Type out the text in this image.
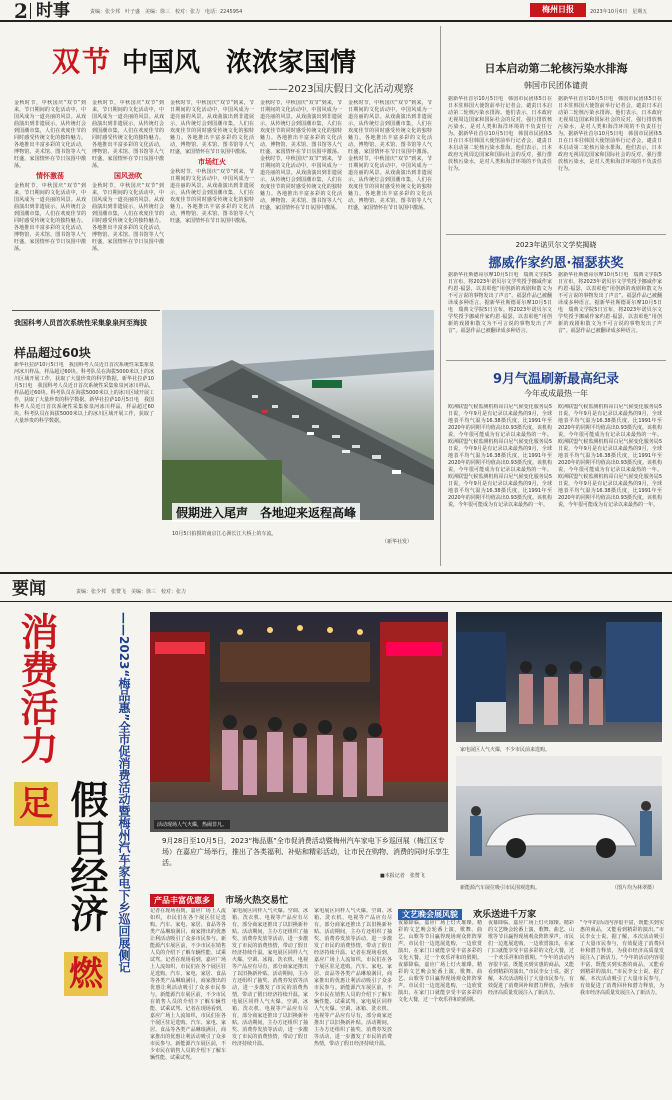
2 时事	责编：张少邦　叶子盛　美编：徐三　校对：张力　电话：2245954	梅州日报	2023年10月6日　星期五
双节 中国风　浓浓家国情
——2023国庆假日文化活动观察
金秋时节，中秋国庆“双节”到来，节日期间的文化活动中，中国风成为一道亮丽的风景。从戏曲演出到非遗展示，从传统灯会到国潮市集，人们在欢度佳节的同时感受传统文化的独特魅力。各地推出丰富多彩的文化活动，博物馆、美术馆、图书馆等人气旺盛，家国情怀在节日氛围中激荡。
情怀激荡
金秋时节，中秋国庆“双节”到来，节日期间的文化活动中，中国风成为一道亮丽的风景。从戏曲演出到非遗展示，从传统灯会到国潮市集，人们在欢度佳节的同时感受传统文化的独特魅力。各地推出丰富多彩的文化活动，博物馆、美术馆、图书馆等人气旺盛，家国情怀在节日氛围中激荡。
金秋时节，中秋国庆“双节”到来，节日期间的文化活动中，中国风成为一道亮丽的风景。从戏曲演出到非遗展示，从传统灯会到国潮市集，人们在欢度佳节的同时感受传统文化的独特魅力。各地推出丰富多彩的文化活动，博物馆、美术馆、图书馆等人气旺盛，家国情怀在节日氛围中激荡。
国风劲吹
金秋时节，中秋国庆“双节”到来，节日期间的文化活动中，中国风成为一道亮丽的风景。从戏曲演出到非遗展示，从传统灯会到国潮市集，人们在欢度佳节的同时感受传统文化的独特魅力。各地推出丰富多彩的文化活动，博物馆、美术馆、图书馆等人气旺盛，家国情怀在节日氛围中激荡。
金秋时节，中秋国庆“双节”到来，节日期间的文化活动中，中国风成为一道亮丽的风景。从戏曲演出到非遗展示，从传统灯会到国潮市集，人们在欢度佳节的同时感受传统文化的独特魅力。各地推出丰富多彩的文化活动，博物馆、美术馆、图书馆等人气旺盛，家国情怀在节日氛围中激荡。
市场红火
金秋时节，中秋国庆“双节”到来，节日期间的文化活动中，中国风成为一道亮丽的风景。从戏曲演出到非遗展示，从传统灯会到国潮市集，人们在欢度佳节的同时感受传统文化的独特魅力。各地推出丰富多彩的文化活动，博物馆、美术馆、图书馆等人气旺盛，家国情怀在节日氛围中激荡。
金秋时节，中秋国庆“双节”到来，节日期间的文化活动中，中国风成为一道亮丽的风景。从戏曲演出到非遗展示，从传统灯会到国潮市集，人们在欢度佳节的同时感受传统文化的独特魅力。各地推出丰富多彩的文化活动，博物馆、美术馆、图书馆等人气旺盛，家国情怀在节日氛围中激荡。金秋时节，中秋国庆“双节”到来，节日期间的文化活动中，中国风成为一道亮丽的风景。从戏曲演出到非遗展示，从传统灯会到国潮市集，人们在欢度佳节的同时感受传统文化的独特魅力。各地推出丰富多彩的文化活动，博物馆、美术馆、图书馆等人气旺盛，家国情怀在节日氛围中激荡。
金秋时节，中秋国庆“双节”到来，节日期间的文化活动中，中国风成为一道亮丽的风景。从戏曲演出到非遗展示，从传统灯会到国潮市集，人们在欢度佳节的同时感受传统文化的独特魅力。各地推出丰富多彩的文化活动，博物馆、美术馆、图书馆等人气旺盛，家国情怀在节日氛围中激荡。金秋时节，中秋国庆“双节”到来，节日期间的文化活动中，中国风成为一道亮丽的风景。从戏曲演出到非遗展示，从传统灯会到国潮市集，人们在欢度佳节的同时感受传统文化的独特魅力。各地推出丰富多彩的文化活动，博物馆、美术馆、图书馆等人气旺盛，家国情怀在节日氛围中激荡。
我国科考人员首次系统性采集象泉河至海拔
样品超过60块
新华社拉萨10月5日电　我国科考人员近日首次系统性采集象泉河冰川样品，样品超过60块。科考队员在海拔5000米以上的冰川区域开展工作，获取了大量珍贵的科学数据。新华社拉萨10月5日电　我国科考人员近日首次系统性采集象泉河冰川样品，样品超过60块。科考队员在海拔5000米以上的冰川区域开展工作，获取了大量珍贵的科学数据。新华社拉萨10月5日电　我国科考人员近日首次系统性采集象泉河冰川样品，样品超过60块。科考队员在海拔5000米以上的冰川区域开展工作，获取了大量珍贵的科学数据。
假期进入尾声　各地迎来返程高峰
10月5日拍摄的南京江心洲长江大桥上的车流。
（新华社发）
日本启动第二轮核污染水排海
韩国市民团体谴责
据新华社首尔10月5日电　韩国市民团体5日在日本驻韩国大使馆前举行记者会，谴责日本启动第二轮核污染水排海。他们表示，日本政府无视周边国家和国际社会的反对，强行排放核污染水，是对人类和海洋环境的不负责任行为。据新华社首尔10月5日电　韩国市民团体5日在日本驻韩国大使馆前举行记者会，谴责日本启动第二轮核污染水排海。他们表示，日本政府无视周边国家和国际社会的反对，强行排放核污染水，是对人类和海洋环境的不负责任行为。
据新华社首尔10月5日电　韩国市民团体5日在日本驻韩国大使馆前举行记者会，谴责日本启动第二轮核污染水排海。他们表示，日本政府无视周边国家和国际社会的反对，强行排放核污染水，是对人类和海洋环境的不负责任行为。据新华社首尔10月5日电　韩国市民团体5日在日本驻韩国大使馆前举行记者会，谴责日本启动第二轮核污染水排海。他们表示，日本政府无视周边国家和国际社会的反对，强行排放核污染水，是对人类和海洋环境的不负责任行为。
2023年诺贝尔文学奖揭晓
挪威作家约恩·福瑟获奖
据新华社斯德哥尔摩10月5日电　瑞典文学院5日宣布，将2023年诺贝尔文学奖授予挪威作家约恩·福瑟，以表彰他“用创新的戏剧和散文为不可言说的事物发出了声音”。福瑟作品已被翻译成多种语言。据新华社斯德哥尔摩10月5日电　瑞典文学院5日宣布，将2023年诺贝尔文学奖授予挪威作家约恩·福瑟，以表彰他“用创新的戏剧和散文为不可言说的事物发出了声音”。福瑟作品已被翻译成多种语言。
据新华社斯德哥尔摩10月5日电　瑞典文学院5日宣布，将2023年诺贝尔文学奖授予挪威作家约恩·福瑟，以表彰他“用创新的戏剧和散文为不可言说的事物发出了声音”。福瑟作品已被翻译成多种语言。据新华社斯德哥尔摩10月5日电　瑞典文学院5日宣布，将2023年诺贝尔文学奖授予挪威作家约恩·福瑟，以表彰他“用创新的戏剧和散文为不可言说的事物发出了声音”。福瑟作品已被翻译成多种语言。
9月气温刷新最高纪录
今年或成最热一年
欧洲联盟气候监测机构哥白尼气候变化服务局5日说，今年9月是有记录以来最热的9月，全球地表平均气温为16.38摄氏度，比1991年至2020年的同期平均值高出0.93摄氏度。该机构说，今年很可能成为有记录以来最热的一年。欧洲联盟气候监测机构哥白尼气候变化服务局5日说，今年9月是有记录以来最热的9月，全球地表平均气温为16.38摄氏度，比1991年至2020年的同期平均值高出0.93摄氏度。该机构说，今年很可能成为有记录以来最热的一年。欧洲联盟气候监测机构哥白尼气候变化服务局5日说，今年9月是有记录以来最热的9月，全球地表平均气温为16.38摄氏度，比1991年至2020年的同期平均值高出0.93摄氏度。该机构说，今年很可能成为有记录以来最热的一年。
欧洲联盟气候监测机构哥白尼气候变化服务局5日说，今年9月是有记录以来最热的9月，全球地表平均气温为16.38摄氏度，比1991年至2020年的同期平均值高出0.93摄氏度。该机构说，今年很可能成为有记录以来最热的一年。欧洲联盟气候监测机构哥白尼气候变化服务局5日说，今年9月是有记录以来最热的9月，全球地表平均气温为16.38摄氏度，比1991年至2020年的同期平均值高出0.93摄氏度。该机构说，今年很可能成为有记录以来最热的一年。欧洲联盟气候监测机构哥白尼气候变化服务局5日说，今年9月是有记录以来最热的9月，全球地表平均气温为16.38摄氏度，比1991年至2020年的同期平均值高出0.93摄氏度。该机构说，今年很可能成为有记录以来最热的一年。
要闻	责编：张少邦　张赞飞　美编：徐三　校对：张力
消费活力
足 假日经济
燃
——2023“梅品惠”全市促消费活动暨梅州汽车家电下乡巡回展侧记	活动现场人气火爆，热闹非凡。
家电展区人气火爆，不少市民前来选购。
新能源汽车展位吸引市民围观选购。	（图片均为林翠摄）
9月28日至10月5日，2023“梅品惠”全市促消费活动暨梅州汽车家电下乡巡回展（梅江区专场）在嘉应广场举行，推出了各类福利、补贴和精彩活动，让市民在购物、消费的同时乐享生活。
■本报记者　张赞飞
产品丰富优惠多 市场火热交易忙
文艺晚会展风貌 欢乐送进千万家
记者在现场看到，嘉应广场上人流如织，市民们在各个展区驻足选购。汽车、家电、家居、食品等各类产品琳琅满目，商家推出的优惠让利活动吸引了众多市民参与。新能源汽车展区前，不少市民在销售人员的介绍下了解车辆性能、试乘试驾。记者在现场看到，嘉应广场上人流如织，市民们在各个展区驻足选购。汽车、家电、家居、食品等各类产品琳琅满目，商家推出的优惠让利活动吸引了众多市民参与。新能源汽车展区前，不少市民在销售人员的介绍下了解车辆性能、试乘试驾。记者在现场看到，嘉应广场上人流如织，市民们在各个展区驻足选购。汽车、家电、家居、食品等各类产品琳琅满目，商家推出的优惠让利活动吸引了众多市民参与。新能源汽车展区前，不少市民在销售人员的介绍下了解车辆性能、试乘试驾。
家电展区同样人气火爆。空调、冰箱、洗衣机、电视等产品应有尽有，部分商家还推出了以旧换新补贴。活动期间，主办方还组织了抽奖、消费券发放等活动，进一步激发了市民的消费热情，带动了假日经济持续升温。家电展区同样人气火爆。空调、冰箱、洗衣机、电视等产品应有尽有，部分商家还推出了以旧换新补贴。活动期间，主办方还组织了抽奖、消费券发放等活动，进一步激发了市民的消费热情，带动了假日经济持续升温。家电展区同样人气火爆。空调、冰箱、洗衣机、电视等产品应有尽有，部分商家还推出了以旧换新补贴。活动期间，主办方还组织了抽奖、消费券发放等活动，进一步激发了市民的消费热情，带动了假日经济持续升温。
家电展区同样人气火爆。空调、冰箱、洗衣机、电视等产品应有尽有，部分商家还推出了以旧换新补贴。活动期间，主办方还组织了抽奖、消费券发放等活动，进一步激发了市民的消费热情，带动了假日经济持续升温。记者在现场看到，嘉应广场上人流如织，市民们在各个展区驻足选购。汽车、家电、家居、食品等各类产品琳琅满目，商家推出的优惠让利活动吸引了众多市民参与。新能源汽车展区前，不少市民在销售人员的介绍下了解车辆性能、试乘试驾。家电展区同样人气火爆。空调、冰箱、洗衣机、电视等产品应有尽有，部分商家还推出了以旧换新补贴。活动期间，主办方还组织了抽奖、消费券发放等活动，进一步激发了市民的消费热情，带动了假日经济持续升温。
夜幕降临，嘉应广场上灯火璀璨。精彩的文艺晚会轮番上演，歌舞、曲艺、山歌等节目赢得现场观众阵阵掌声。市民们一边逛展选购，一边欣赏演出，在家门口就能享受丰富多彩的文化大餐，过一个欢乐祥和的假期。夜幕降临，嘉应广场上灯火璀璨。精彩的文艺晚会轮番上演，歌舞、曲艺、山歌等节目赢得现场观众阵阵掌声。市民们一边逛展选购，一边欣赏演出，在家门口就能享受丰富多彩的文化大餐，过一个欢乐祥和的假期。
夜幕降临，嘉应广场上灯火璀璨。精彩的文艺晚会轮番上演，歌舞、曲艺、山歌等节目赢得现场观众阵阵掌声。市民们一边逛展选购，一边欣赏演出，在家门口就能享受丰富多彩的文化大餐，过一个欢乐祥和的假期。“今年的活动内容很丰富，既能买到实惠的商品，又能看到精彩的演出。”市民李女士说。据了解，本次活动吸引了大量市民参与，有效促进了消费回补和潜力释放，为我市经济高质量发展注入了新活力。
“今年的活动内容很丰富，既能买到实惠的商品，又能看到精彩的演出。”市民李女士说。据了解，本次活动吸引了大量市民参与，有效促进了消费回补和潜力释放，为我市经济高质量发展注入了新活力。“今年的活动内容很丰富，既能买到实惠的商品，又能看到精彩的演出。”市民李女士说。据了解，本次活动吸引了大量市民参与，有效促进了消费回补和潜力释放，为我市经济高质量发展注入了新活力。
